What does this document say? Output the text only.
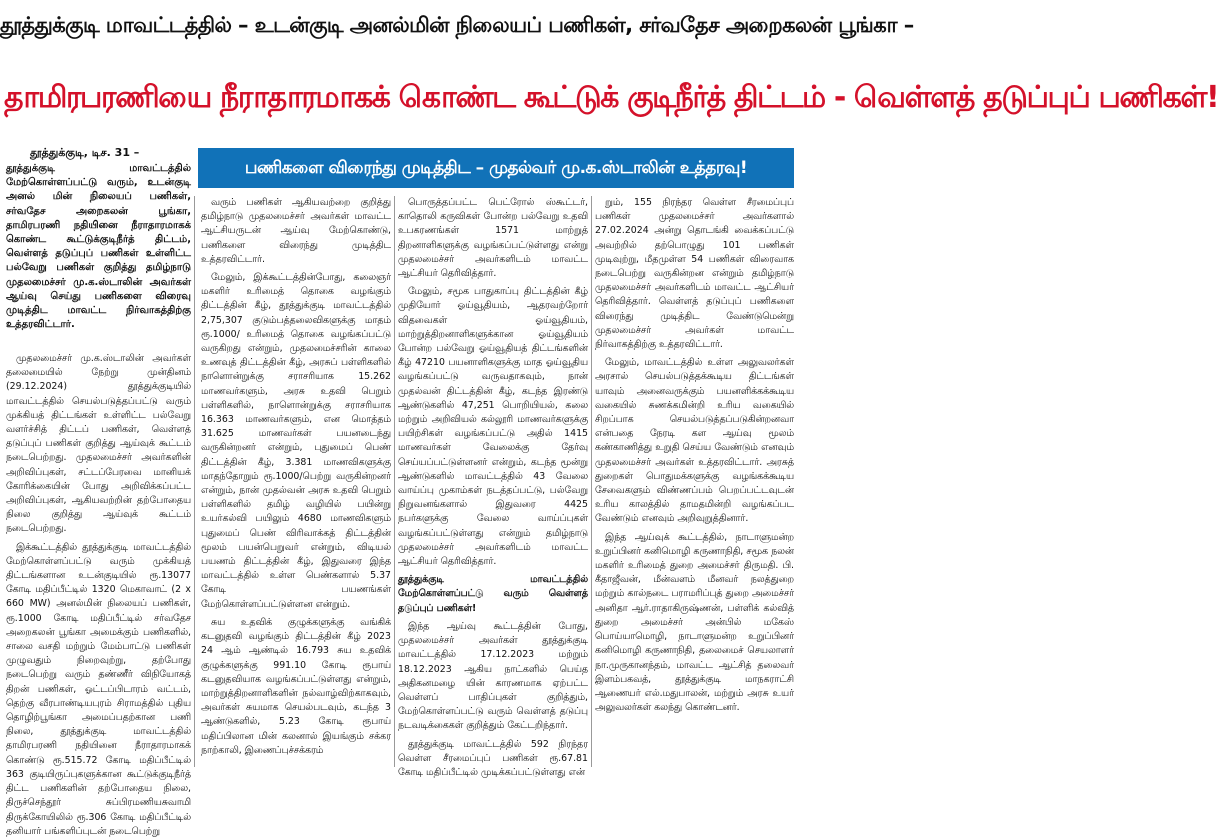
தூத்துக்குடி மாவட்டத்தில் – உடன்குடி அனல்மின் நிலையப் பணிகள், சர்வதேச அறைகலன் பூங்கா –
தாமிரபரணியை நீராதாரமாகக் கொண்ட கூட்டுக் குடிநீர்த் திட்டம் - வெள்ளத் தடுப்புப் பணிகள்!
தூத்துக்குடி, டிச. 31 –
தூத்துக்குடி மாவட்டத்தில் மேற்கொள்ளப்பட்டு வரும், உடன்குடி அனல் மின் நிலையப் பணிகள், சர்வதேச அறைகலன் பூங்கா, தாமிரபரணி நதியினை நீராதாரமாகக் கொண்ட கூட்டுக்குடிநீர்த் திட்டம், வெள்ளத் தடுப்புப் பணிகள் உள்ளிட்ட பல்வேறு பணிகள் குறித்து தமிழ்நாடு முதலமைச்சர் மு.க.ஸ்டாலின் அவர்கள் ஆய்வு செய்து பணிகளை விரைவு முடித்திட மாவட்ட நிர்வாகத்திற்கு உத்தரவிட்டார்.
பணிகளை விரைந்து முடித்திட – முதல்வர் மு.க.ஸ்டாலின் உத்தரவு!

முதலமைச்சர் மு.க.ஸ்டாலின் அவர்கள் தலைமையில் நேற்று முன்தினம் (29.12.2024) தூத்துக்குடியில் மாவட்டத்தில் செயல்படுத்தப்பட்டு வரும் முக்கியத் திட்டங்கள் உள்ளிட்ட பல்வேறு வளர்ச்சித் திட்டப் பணிகள், வெள்ளத் தடுப்புப் பணிகள் குறித்து ஆய்வுக் கூட்டம் நடைபெற்றது. முதலமைச்சர் அவர்களின் அறிவிப்புகள், சட்டப்பேரவை மானியக் கோரிக்கையின் போது அறிவிக்கப்பட்ட அறிவிப்புகள், ஆகியவற்றின் தற்போதைய நிலை குறித்து ஆய்வுக் கூட்டம் நடைபெற்றது.

இக்கூட்டத்தில் தூத்துக்குடி மாவட்டத்தில் மேற்கொள்ளப்பட்டு வரும் முக்கியத் திட்டங்களான உடன்குடியில் ரூ.13077 கோடி மதிப்பீட்டில் 1320 மெகாவாட் (2 x 660 MW) அனல்மின் நிலையப் பணிகள், ரூ.1000 கோடி மதிப்பீட்டில் சர்வதேச அறைகலன் பூங்கா அமைக்கும் பணிகளில், சாலை வசதி மற்றும் மேம்பாட்டு பணிகள் முழுவதும் நிறைவுற்று, தற்போது நடைபெற்று வரும் தண்ணீர் விநியோகத் திறன் பணிகள், ஓட்டப்பிடாரம் வட்டம், தெற்கு வீரபாண்டியபுரம் சிராமத்தில் புதிய தொழிற்பூங்கா அமைப்பதற்கான பணி நிலை, தூத்துக்குடி மாவட்டத்தில் தாமிரபரணி நதியினை நீராதாரமாகக் கொண்டு ரூ.515.72 கோடி மதிப்பீட்டில் 363 குடியிருப்புகளுக்கான கூட்டுக்குடிநீர்த் திட்ட பணிகளின் தற்போதைய நிலை, திருச்செந்தூர் சுப்பிரமணியசுவாமி திருக்கோயிலில் ரூ.306 கோடி மதிப்பீட்டில் தனியார் பங்களிப்புடன் நடைபெற்று

வரும் பணிகள் ஆகியவற்றை குறித்து தமிழ்நாடு முதலமைச்சர் அவர்கள் மாவட்ட ஆட்சியருடன் ஆய்வு மேற்கொண்டு, பணிகளை விரைந்து முடித்திட உத்தரவிட்டார்.

மேலும், இக்கூட்டத்தின்போது, கலைஞர் மகளிர் உரிமைத் தொகை வழங்கும் திட்டத்தின் கீழ், தூத்துக்குடி மாவட்டத்தில் 2,75,307 குடும்பத்தலைவிகளுக்கு மாதம் ரூ.1000/ உரிமைத் தொகை வழங்கப்பட்டு வருகிறது என்றும், முதலமைச்சரின் காலை உணவுத் திட்டத்தின் கீழ், அரசுப் பள்ளிகளில் நாளொன்றுக்கு சராசரியாக 15.262 மாணவர்களும், அரசு உதவி பெறும் பள்ளிகளில், நாளொன்றுக்கு சராசரியாக 16.363 மாணவர்களும், என மொத்தம் 31.625 மாணவர்கள் பயனடைந்து வருகின்றனர் என்றும், புதுமைப் பெண் திட்டத்தின் கீழ், 3.381 மாணவிகளுக்கு மாதந்தோறும் ரூ.1000/பெற்று வருகின்றனர் என்றும், நான் முதல்வன் அரசு உதவி பெறும் பள்ளிகளில் தமிழ் வழியில் பயின்று உயர்கல்வி பயிலும் 4680 மாணவிகளும் புதுமைப் பெண் விரிவாக்கத் திட்டத்தின் மூலம் பயன்பெறுவர் என்றும், விடியல் பயணம் திட்டத்தின் கீழ், இதுவரை இந்த மாவட்டத்தில் உள்ள பெண்களால் 5.37 கோடி பயணங்கள் மேற்கொள்ளப்பட்டுள்ளன என்றும்.

சுய உதவிக் குழுக்களுக்கு வங்கிக் கடனுதவி வழங்கும் திட்டத்தின் கீழ் 2023 24 ஆம் ஆண்டில் 16.793 சுய உதவிக் குழுக்களுக்கு 991.10 கோடி ரூபாய் கடனுதவியாக வழங்கப்பட்டுள்ளது என்றும், மாற்றுத்திறனாளிகளின் நல்வாழ்விற்காகவும், அவர்கள் சுயமாக செயல்படவும், கடந்த 3 ஆண்டுகளில், 5.23 கோடி ரூபாய் மதிப்பிலான மின் கலனால் இயங்கும் சக்கர நாற்காலி, இணைப்புச்சக்கரம்

பொருத்தப்பட்ட பெட்ரோல் ஸ்கூட்டர், காதொலி கருவிகள் போன்ற பல்வேறு உதவி உபகரணங்கள் 1571 மாற்றுத் திறனாளிகளுக்கு வழங்கப்பட்டுள்ளது என்று முதலமைச்சர் அவர்களிடம் மாவட்ட ஆட்சியர் தெரிவித்தார்.

மேலும், சமூக பாதுகாப்பு திட்டத்தின் கீழ் முதியோர் ஓய்வூதியம், ஆதரவற்றோர் விதவைகள் ஓய்வூதியம், மாற்றுத்திறனாளிகளுக்கான ஓய்வூதியம் போன்ற பல்வேறு ஓய்வூதியத் திட்டங்களின் கீழ் 47210 பயனாளிகளுக்கு மாத ஓய்வூதிய வழங்கப்பட்டு வருவதாகவும், நான் முதல்வன் திட்டத்தின் கீழ், கடந்த இரண்டு ஆண்டுகளில் 47,251 பொறியியல், கலை மற்றும் அறிவியல் கல்லூரி மாணவர்களுக்கு பயிற்சிகள் வழங்கப்பட்டு அதில் 1415 மாணவர்கள் வேலைக்கு தேர்வு செய்யப்பட்டுள்ளனர் என்றும், கடந்த மூன்று ஆண்டுகளில் மாவட்டத்தில் 43 வேலை வாய்ப்பு முகாம்கள் நடத்தப்பட்டு, பல்வேறு நிறுவனங்களால் இதுவரை 4425 நபர்களுக்கு வேலை வாய்ப்புகள் வழங்கப்பட்டுள்ளது என்றும் தமிழ்நாடு முதலமைச்சர் அவர்களிடம் மாவட்ட ஆட்சியர் தெரிவித்தார்.

தூத்துக்குடி மாவட்டத்தில் மேற்கொள்ளப்பட்டு வரும் வெள்ளத் தடுப்புப் பணிகள்!

இந்த ஆய்வு கூட்டத்தின் போது, முதலமைச்சர் அவர்கள் தூத்துக்குடி மாவட்டத்தில் 17.12.2023 மற்றும் 18.12.2023 ஆகிய நாட்களில் பெய்த அதிகனமழை யின் காரணமாக ஏற்பட்ட வெள்ளப் பாதிப்புகள் குறித்தும், மேற்கொள்ளப்பட்டு வரும் வெள்ளத் தடுப்பு நடவடிக்கைகள் குறித்தும் கேட்டறிந்தார்.

தூத்துக்குடி மாவட்டத்தில் 592 நிரந்தர வெள்ள சீரமைப்புப் பணிகள் ரூ.67.81 கோடி மதிப்பீட்டில் முடிக்கப்பட்டுள்ளது என்

றும், 155 நிரந்தர வெள்ள சீரமைப்புப் பணிகள் முதலமைச்சர் அவர்களால் 27.02.2024 அன்று தொடங்கி வைக்கப்பட்டு அவற்றில் தற்பொழுது 101 பணிகள் முடிவுற்று, மீதமுள்ள 54 பணிகள் விரைவாக நடைபெற்று வருகின்றன என்றும் தமிழ்நாடு முதலமைச்சர் அவர்களிடம் மாவட்ட ஆட்சியர் தெரிவித்தார். வெள்ளத் தடுப்புப் பணிகளை விரைந்து முடித்திட வேண்டுமென்று முதலமைச்சர் அவர்கள் மாவட்ட நிர்வாகத்திற்கு உத்தரவிட்டார்.

மேலும், மாவட்டத்தில் உள்ள அலுவலர்கள் அரசால் செயல்படுத்தக்கூடிய திட்டங்கள் யாவும் அனைவருக்கும் பயனளிக்கக்கூடிய வகையில் சுணக்கமின்றி உரிய வகையில் சிறப்பாக செயல்படுத்தப்படுகின்றனவா என்பதை நேரடி கள ஆய்வு மூலம் கண்காணித்து உறுதி செய்ய வேண்டும் எனவும் முதலமைச்சர் அவர்கள் உத்தரவிட்டார். அரசுத் துறைகள் பொதுமக்களுக்கு வழங்கக்கூடிய சேவைகளும் விண்ணப்பம் பெறப்பட்டவுடன் உரிய காலத்தில் தாமதமின்றி வழங்கப்பட வேண்டும் எனவும் அறிவுறுத்தினார்.

இந்த ஆய்வுக் கூட்டத்தில், நாடாளுமன்ற உறுப்பினர் கனிமொழி கருணாநிதி, சமூக நலன் மகளிர் உரிமைத் துறை அமைச்சர் திருமதி. பி. கீதாஜீவன், மீன்வளம் மீனவர் நலத்துறை மற்றும் கால்நடை பராமரிப்புத் துறை அமைச்சர் அனிதா ஆர்.ராதாகிருஷ்ணன், பள்ளிக் கல்வித் துறை அமைச்சர் அன்பில் மகேஸ் பொய்யாமொழி, நாடாளுமன்ற உறுப்பினர் கனிமொழி கருணாநிதி, தலைமைச் செயலாளர் நா.முருகானந்தம், மாவட்ட ஆட்சித் தலைவர் இளம்பகவத், தூத்துக்குடி மாநகராட்சி ஆணையர் எல்.மதுபாலன், மற்றும் அரசு உயர் அலுவலர்கள் கலந்து கொண்டனர்.
